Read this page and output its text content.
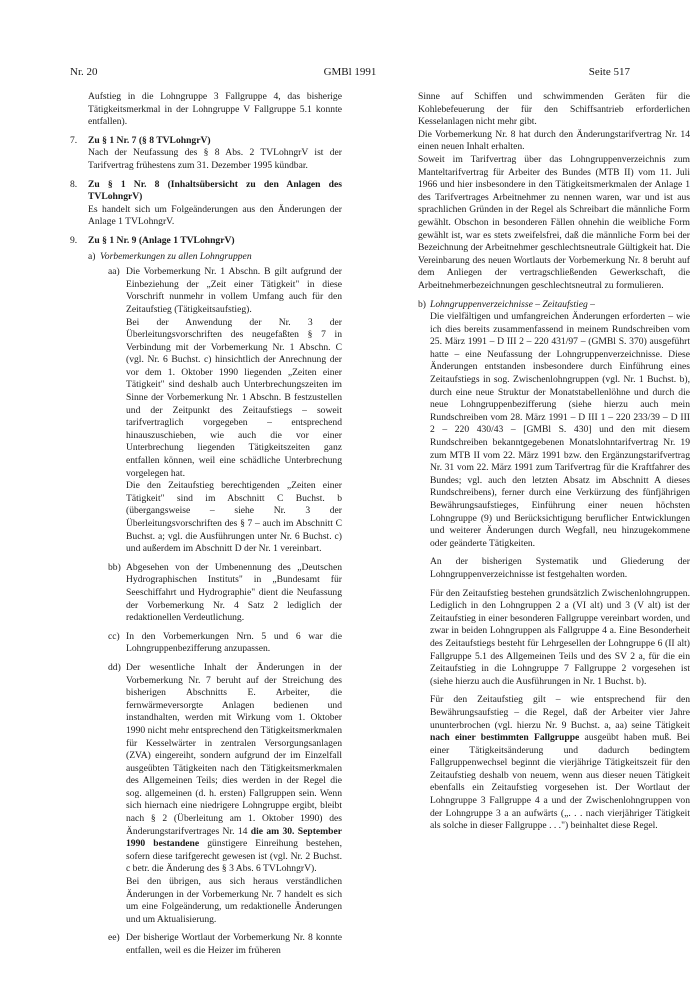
Nr. 20	GMBl 1991	Seite 517

Aufstieg in die Lohngruppe 3 Fallgruppe 4, das bisherige Tätigkeitsmerkmal in der Lohngruppe V Fallgruppe 5.1 konnte entfallen).

7. Zu § 1 Nr. 7 (§ 8 TVLohngrV)

Nach der Neufassung des § 8 Abs. 2 TVLohngrV ist der Tarifvertrag frühestens zum 31. Dezember 1995 kündbar.

8. Zu § 1 Nr. 8 (Inhaltsübersicht zu den Anlagen des TVLohngrV)

Es handelt sich um Folgeänderungen aus den Änderungen der Anlage 1 TVLohngrV.

9. Zu § 1 Nr. 9 (Anlage 1 TVLohngrV)

a) Vorbemerkungen zu allen Lohngruppen

aa) Die Vorbemerkung Nr. 1 Abschn. B gilt aufgrund der Einbeziehung der „Zeit einer Tätigkeit" in diese Vorschrift nunmehr in vollem Umfang auch für den Zeitaufstieg (Tätigkeitsaufstieg).

Bei der Anwendung der Nr. 3 der Überleitungsvorschriften des neugefaßten § 7 in Verbindung mit der Vorbemerkung Nr. 1 Abschn. C (vgl. Nr. 6 Buchst. c) hinsichtlich der Anrechnung der vor dem 1. Oktober 1990 liegenden „Zeiten einer Tätigkeit" sind deshalb auch Unterbrechungszeiten im Sinne der Vorbemerkung Nr. 1 Abschn. B festzustellen und der Zeitpunkt des Zeitaufstiegs – soweit tarifvertraglich vorgegeben – entsprechend hinauszuschieben, wie auch die vor einer Unterbrechung liegenden Tätigkeitszeiten ganz entfallen können, weil eine schädliche Unterbrechung vorgelegen hat.

Die den Zeitaufstieg berechtigenden „Zeiten einer Tätigkeit" sind im Abschnitt C Buchst. b (übergangsweise – siehe Nr. 3 der Überleitungsvorschriften des § 7 – auch im Abschnitt C Buchst. a; vgl. die Ausführungen unter Nr. 6 Buchst. c) und außerdem im Abschnitt D der Nr. 1 vereinbart.

bb) Abgesehen von der Umbenennung des „Deutschen Hydrographischen Instituts" in „Bundesamt für Seeschiffahrt und Hydrographie" dient die Neufassung der Vorbemerkung Nr. 4 Satz 2 lediglich der redaktionellen Verdeutlichung.

cc) In den Vorbemerkungen Nrn. 5 und 6 war die Lohngruppenbezifferung anzupassen.

dd) Der wesentliche Inhalt der Änderungen in der Vorbemerkung Nr. 7 beruht auf der Streichung des bisherigen Abschnitts E. Arbeiter, die fernwärmeversorgte Anlagen bedienen und instandhalten, werden mit Wirkung vom 1. Oktober 1990 nicht mehr entsprechend den Tätigkeitsmerkmalen für Kesselwärter in zentralen Versorgungsanlagen (ZVA) eingereiht, sondern aufgrund der im Einzelfall ausgeübten Tätigkeiten nach den Tätigkeitsmerkmalen des Allgemeinen Teils; dies werden in der Regel die sog. allgemeinen (d. h. ersten) Fallgruppen sein. Wenn sich hiernach eine niedrigere Lohngruppe ergibt, bleibt nach § 2 (Überleitung am 1. Oktober 1990) des Änderungstarifvertrages Nr. 14 die am 30. September 1990 bestandene günstigere Einreihung bestehen, sofern diese tarifgerecht gewesen ist (vgl. Nr. 2 Buchst. c betr. die Änderung des § 3 Abs. 6 TVLohngrV).

Bei den übrigen, aus sich heraus verständlichen Änderungen in der Vorbemerkung Nr. 7 handelt es sich um eine Folgeänderung, um redaktionelle Änderungen und um Aktualisierung.

ee) Der bisherige Wortlaut der Vorbemerkung Nr. 8 konnte entfallen, weil es die Heizer im früheren

Sinne auf Schiffen und schwimmenden Geräten für die Kohlebefeuerung der für den Schiffsantrieb erforderlichen Kesselanlagen nicht mehr gibt.

Die Vorbemerkung Nr. 8 hat durch den Änderungstarifvertrag Nr. 14 einen neuen Inhalt erhalten.

Soweit im Tarifvertrag über das Lohngruppenverzeichnis zum Manteltarifvertrag für Arbeiter des Bundes (MTB II) vom 11. Juli 1966 und hier insbesondere in den Tätigkeitsmerkmalen der Anlage 1 des Tarifvertrages Arbeitnehmer zu nennen waren, war und ist aus sprachlichen Gründen in der Regel als Schreibart die männliche Form gewählt. Obschon in besonderen Fällen ohnehin die weibliche Form gewählt ist, war es stets zweifelsfrei, daß die männliche Form bei der Bezeichnung der Arbeitnehmer geschlechtsneutrale Gültigkeit hat. Die Vereinbarung des neuen Wortlauts der Vorbemerkung Nr. 8 beruht auf dem Anliegen der vertragschließenden Gewerkschaft, die Arbeitnehmerbezeichnungen geschlechtsneutral zu formulieren.

b) Lohngruppenverzeichnisse – Zeitaufstieg –

Die vielfältigen und umfangreichen Änderungen erforderten – wie ich dies bereits zusammenfassend in meinem Rundschreiben vom 25. März 1991 – D III 2 – 220 431/97 – (GMBl S. 370) ausgeführt hatte – eine Neufassung der Lohngruppenverzeichnisse. Diese Änderungen entstanden insbesondere durch Einführung eines Zeitaufstiegs in sog. Zwischenlohngruppen (vgl. Nr. 1 Buchst. b), durch eine neue Struktur der Monatstabellenlöhne und durch die neue Lohngruppenbezifferung (siehe hierzu auch mein Rundschreiben vom 28. März 1991 – D III 1 – 220 233/39 – D III 2 – 220 430/43 – [GMBl S. 430] und den mit diesem Rundschreiben bekanntgegebenen Monatslohntarifvertrag Nr. 19 zum MTB II vom 22. März 1991 bzw. den Ergänzungstarifvertrag Nr. 31 vom 22. März 1991 zum Tarifvertrag für die Kraftfahrer des Bundes; vgl. auch den letzten Absatz im Abschnitt A dieses Rundschreibens), ferner durch eine Verkürzung des fünfjährigen Bewährungsaufstieges, Einführung einer neuen höchsten Lohngruppe (9) und Berücksichtigung beruflicher Entwicklungen und weiterer Änderungen durch Wegfall, neu hinzugekommene oder geänderte Tätigkeiten.

An der bisherigen Systematik und Gliederung der Lohngruppenverzeichnisse ist festgehalten worden.

Für den Zeitaufstieg bestehen grundsätzlich Zwischenlohngruppen. Lediglich in den Lohngruppen 2 a (VI alt) und 3 (V alt) ist der Zeitaufstieg in einer besonderen Fallgruppe vereinbart worden, und zwar in beiden Lohngruppen als Fallgruppe 4 a. Eine Besonderheit des Zeitaufstiegs besteht für Lehrgesellen der Lohngruppe 6 (II alt) Fallgruppe 5.1 des Allgemeinen Teils und des SV 2 a, für die ein Zeitaufstieg in die Lohngruppe 7 Fallgruppe 2 vorgesehen ist (siehe hierzu auch die Ausführungen in Nr. 1 Buchst. b).

Für den Zeitaufstieg gilt – wie entsprechend für den Bewährungsaufstieg – die Regel, daß der Arbeiter vier Jahre ununterbrochen (vgl. hierzu Nr. 9 Buchst. a, aa) seine Tätigkeit nach einer bestimmten Fallgruppe ausgeübt haben muß. Bei einer Tätigkeitsänderung und dadurch bedingtem Fallgruppenwechsel beginnt die vierjährige Tätigkeitszeit für den Zeitaufstieg deshalb von neuem, wenn aus dieser neuen Tätigkeit ebenfalls ein Zeitaufstieg vorgesehen ist. Der Wortlaut der Lohngruppe 3 Fallgruppe 4 a und der Zwischenlohngruppen von der Lohngruppe 3 a an aufwärts („. . . nach vierjähriger Tätigkeit als solche in dieser Fallgruppe . . .") beinhaltet diese Regel.
